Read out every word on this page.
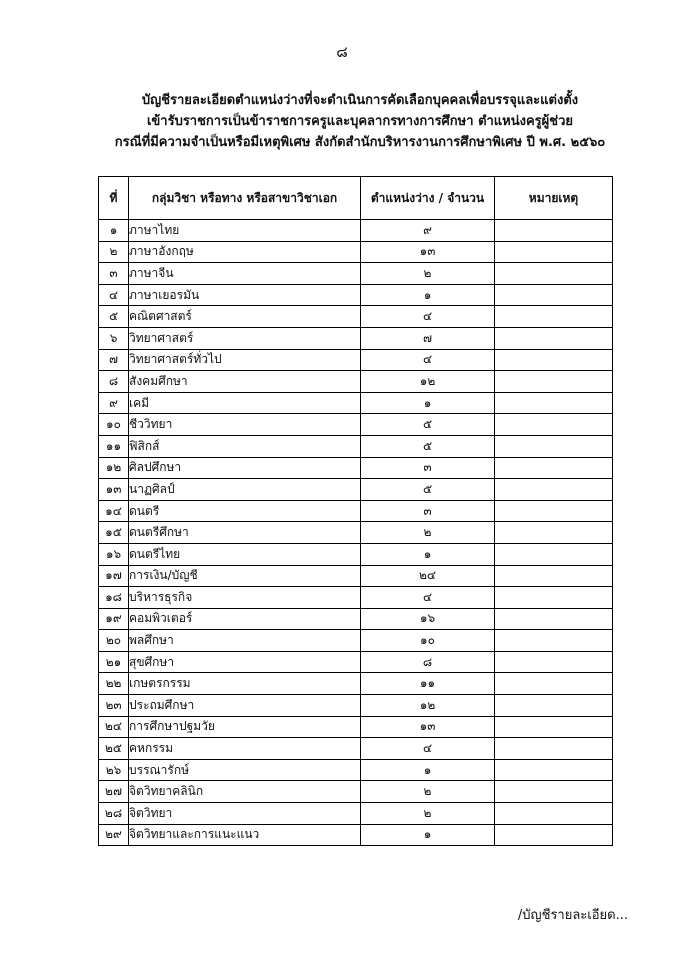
๘
บัญชีรายละเอียดตำแหน่งว่างที่จะดำเนินการคัดเลือกบุคคลเพื่อบรรจุและแต่งตั้ง
เข้ารับราชการเป็นข้าราชการครูและบุคลากรทางการศึกษา ตำแหน่งครูผู้ช่วย
กรณีที่มีความจำเป็นหรือมีเหตุพิเศษ สังกัดสำนักบริหารงานการศึกษาพิเศษ ปี พ.ศ. ๒๕๖๐
ที่	กลุ่มวิชา หรือทาง หรือสาขาวิชาเอก	ตำแหน่งว่าง / จำนวน	หมายเหตุ
๑	ภาษาไทย	๙	
๒	ภาษาอังกฤษ	๑๓	
๓	ภาษาจีน	๒	
๔	ภาษาเยอรมัน	๑	
๕	คณิตศาสตร์	๔	
๖	วิทยาศาสตร์	๗	
๗	วิทยาศาสตร์ทั่วไป	๔	
๘	สังคมศึกษา	๑๒	
๙	เคมี	๑	
๑๐	ชีววิทยา	๕	
๑๑	ฟิสิกส์	๕	
๑๒	ศิลปศึกษา	๓	
๑๓	นาฏศิลป์	๕	
๑๔	ดนตรี	๓	
๑๕	ดนตรีศึกษา	๒	
๑๖	ดนตรีไทย	๑	
๑๗	การเงิน/บัญชี	๒๔	
๑๘	บริหารธุรกิจ	๔	
๑๙	คอมพิวเตอร์	๑๖	
๒๐	พลศึกษา	๑๐	
๒๑	สุขศึกษา	๘	
๒๒	เกษตรกรรม	๑๑	
๒๓	ประถมศึกษา	๑๒	
๒๔	การศึกษาปฐมวัย	๑๓	
๒๕	คหกรรม	๔	
๒๖	บรรณารักษ์	๑	
๒๗	จิตวิทยาคลินิก	๒	
๒๘	จิตวิทยา	๒	
๒๙	จิตวิทยาและการแนะแนว	๑	
/บัญชีรายละเอียด...
